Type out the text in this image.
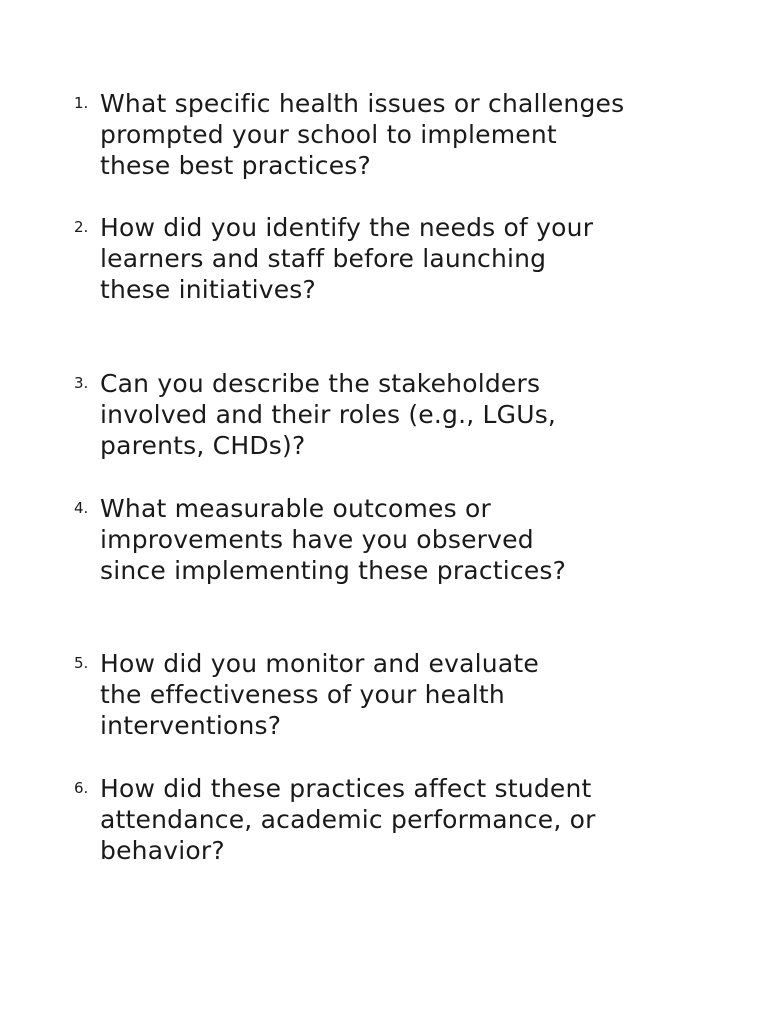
1. What specific health issues or challenges
prompted your school to implement
these best practices?
2. How did you identify the needs of your
learners and staff before launching
these initiatives?
3. Can you describe the stakeholders
involved and their roles (e.g., LGUs,
parents, CHDs)?
4. What measurable outcomes or
improvements have you observed
since implementing these practices?
5. How did you monitor and evaluate
the effectiveness of your health
interventions?
6. How did these practices affect student
attendance, academic performance, or
behavior?
